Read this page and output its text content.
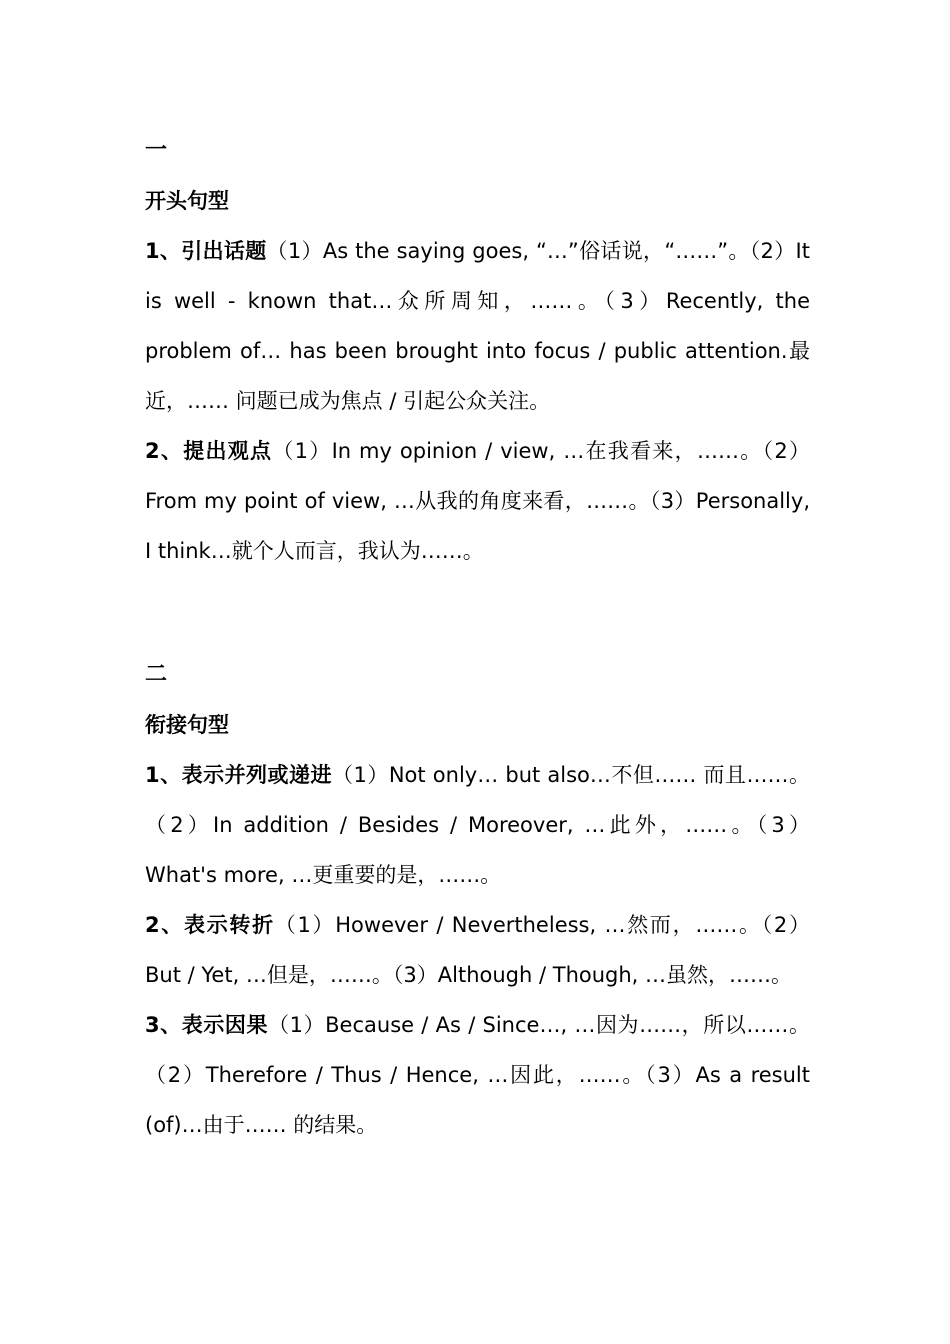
一
开头句型

1、引出话题（1）As the saying goes, “…”俗话说，“……”。（2）It is well - known that…众所周知，……。（3）Recently, the problem of… has been brought into focus / public attention.最近，…… 问题已成为焦点 / 引起公众关注。

2、提出观点（1）In my opinion / view, …在我看来，……。（2）From my point of view, …从我的角度来看，……。（3）Personally, I think…就个人而言，我认为……。

二
衔接句型

1、表示并列或递进（1）Not only… but also…不但…… 而且……。（2）In addition / Besides / Moreover, …此外，……。（3）What's more, …更重要的是，……。

2、表示转折（1）However / Nevertheless, …然而，……。（2）But / Yet, …但是，……。（3）Although / Though, …虽然，……。

3、表示因果（1）Because / As / Since…, …因为……，所以……。（2）Therefore / Thus / Hence, …因此，……。（3）As a result (of)…由于…… 的结果。
